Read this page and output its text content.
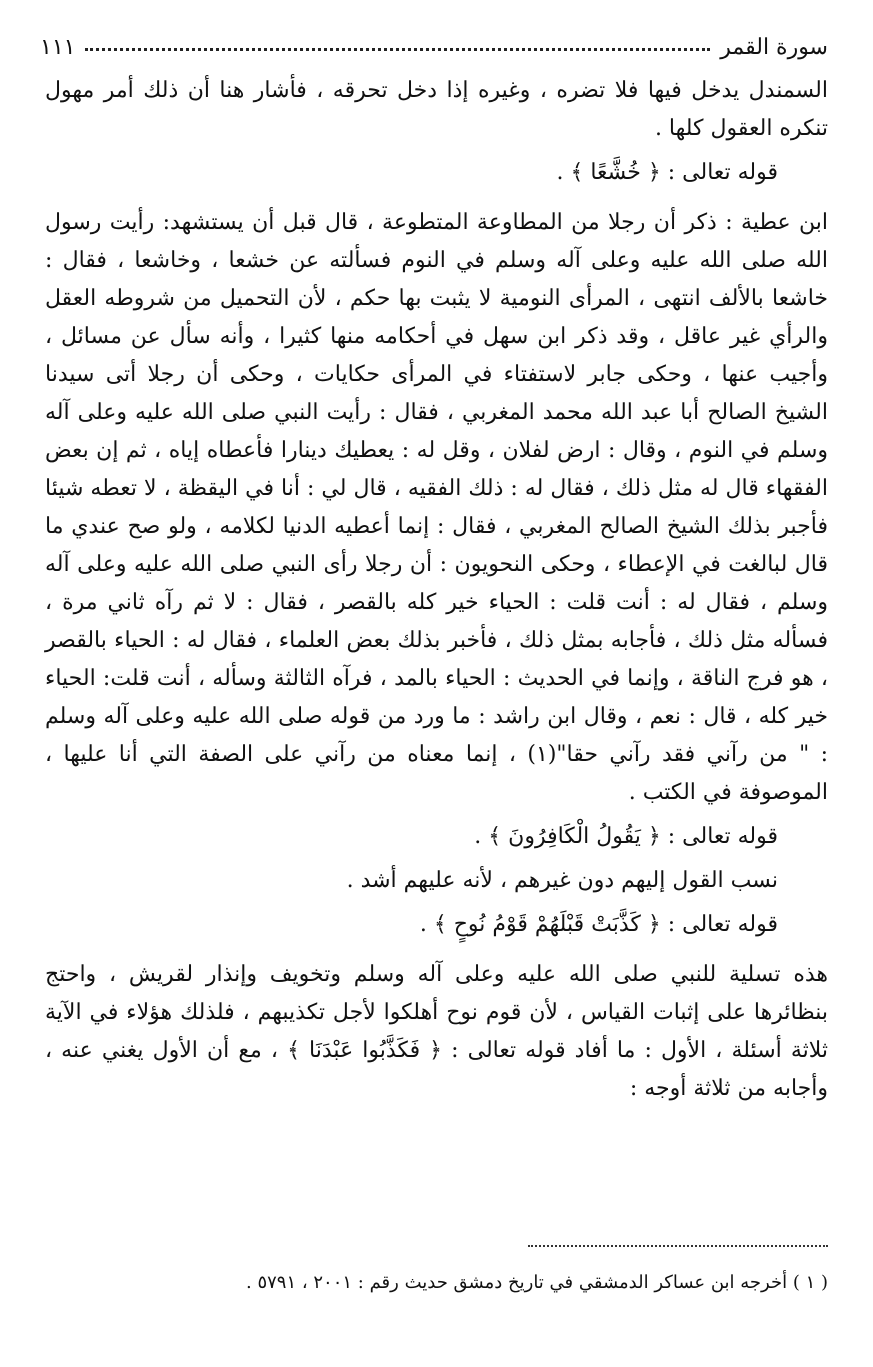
سورة القمر
١١١

السمندل يدخل فيها فلا تضره ، وغيره إذا دخل تحرقه ، فأشار هنا أن ذلك أمر مهول تنكره العقول كلها .

قوله تعالى : ﴿ خُشَّعًا ﴾ .

ابن عطية : ذكر أن رجلا من المطاوعة المتطوعة ، قال قبل أن يستشهد: رأيت رسول الله صلى الله عليه وعلى آله وسلم في النوم فسألته عن خشعا ، وخاشعا ، فقال : خاشعا بالألف انتهى ، المرأى النومية لا يثبت بها حكم ، لأن التحميل من شروطه العقل والرأي غير عاقل ، وقد ذكر ابن سهل في أحكامه منها كثيرا ، وأنه سأل عن مسائل ، وأجيب عنها ، وحكى جابر لاستفتاء في المرأى حكايات ، وحكى أن رجلا أتى سيدنا الشيخ الصالح أبا عبد الله محمد المغربي ، فقال : رأيت النبي صلى الله عليه وعلى آله وسلم في النوم ، وقال : ارض لفلان ، وقل له : يعطيك دينارا فأعطاه إياه ، ثم إن بعض الفقهاء قال له مثل ذلك ، فقال له : ذلك الفقيه ، قال لي : أنا في اليقظة ، لا تعطه شيئا فأجبر بذلك الشيخ الصالح المغربي ، فقال : إنما أعطيه الدنيا لكلامه ، ولو صح عندي ما قال لبالغت في الإعطاء ، وحكى النحويون : أن رجلا رأى النبي صلى الله عليه وعلى آله وسلم ، فقال له : أنت قلت : الحياء خير كله بالقصر ، فقال : لا ثم رآه ثاني مرة ، فسأله مثل ذلك ، فأجابه بمثل ذلك ، فأخبر بذلك بعض العلماء ، فقال له : الحياء بالقصر ، هو فرج الناقة ، وإنما في الحديث : الحياء بالمد ، فرآه الثالثة وسأله ، أنت قلت: الحياء خير كله ، قال : نعم ، وقال ابن راشد : ما ورد من قوله صلى الله عليه وعلى آله وسلم : " من رآني فقد رآني حقا"(١) ، إنما معناه من رآني على الصفة التي أنا عليها ، الموصوفة في الكتب .

قوله تعالى : ﴿ يَقُولُ الْكَافِرُونَ ﴾ .

نسب القول إليهم دون غيرهم ، لأنه عليهم أشد .

قوله تعالى : ﴿ كَذَّبَتْ قَبْلَهُمْ قَوْمُ نُوحٍ ﴾ .

هذه تسلية للنبي صلى الله عليه وعلى آله وسلم وتخويف وإنذار لقريش ، واحتج بنظائرها على إثبات القياس ، لأن قوم نوح أهلكوا لأجل تكذيبهم ، فلذلك هؤلاء في الآية ثلاثة أسئلة ، الأول : ما أفاد قوله تعالى : ﴿ فَكَذَّبُوا عَبْدَنَا ﴾ ، مع أن الأول يغني عنه ، وأجابه من ثلاثة أوجه :

( ١ ) أخرجه ابن عساكر الدمشقي في تاريخ دمشق حديث رقم : ٢٠٠١ ، ٥٧٩١ .
